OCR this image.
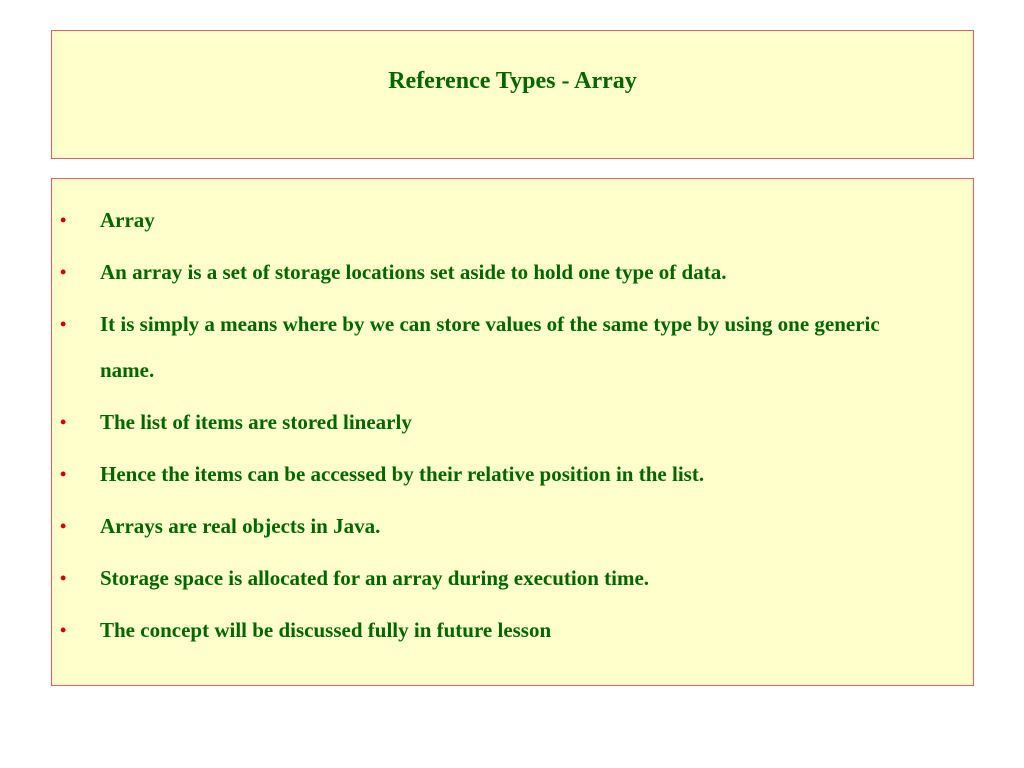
Reference Types - Array
• Array
• An array is a set of storage locations set aside to hold one type of data.
• It is simply a means where by we can store values of the same type by using one generic name.
• The list of items are stored linearly
• Hence the items can be accessed by their relative position in the list.
• Arrays are real objects in Java.
• Storage space is allocated for an array during execution time.
• The concept will be discussed fully in future lesson
